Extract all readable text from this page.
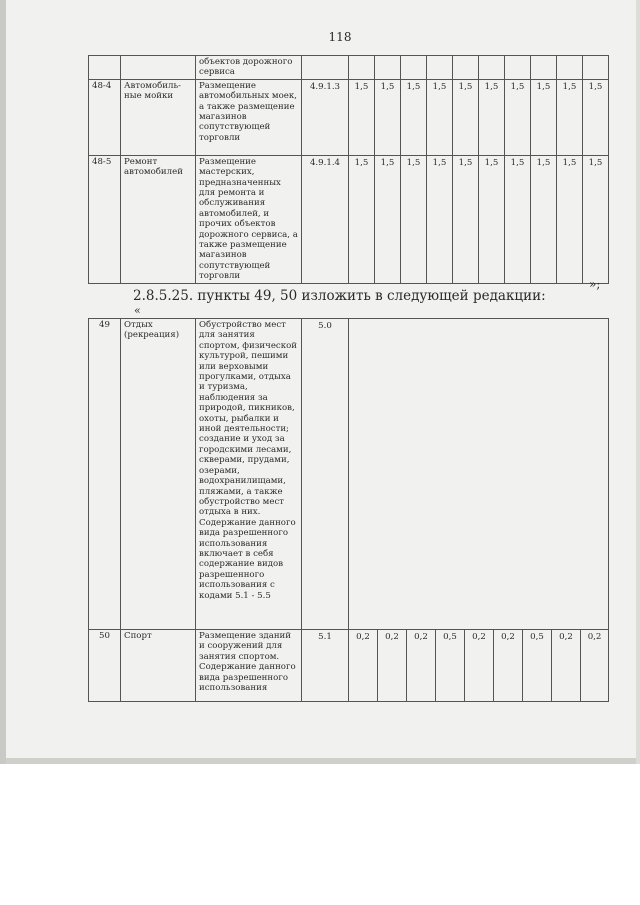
118
		объектов дорожного сервиса											
48-4	Автомобиль-ные мойки	Размещение автомобильных моек, а также размещение магазинов сопутствующей торговли	4.9.1.3	1,5	1,5	1,5	1,5	1,5	1,5	1,5	1,5	1,5	1,5
48-5	Ремонт автомобилей	Размещение мастерских, предназначенных для ремонта и обслуживания автомобилей, и прочих объектов дорожного сервиса, а также размещение магазинов сопутствующей торговли	4.9.1.4	1,5	1,5	1,5	1,5	1,5	1,5	1,5	1,5	1,5	1,5
»;
2.8.5.25. пункты 49, 50 изложить в следующей редакции:
«
49	Отдых (рекреация)	Обустройство мест для занятия спортом, физической культурой, пешими или верховыми прогулками, отдыха и туризма, наблюдения за природой, пикников, охоты, рыбалки и иной деятельности; создание и уход за городскими лесами, скверами, прудами, озерами, водохранилищами, пляжами, а также обустройство мест отдыха в них. Содержание данного вида разрешенного использования включает в себя содержание видов разрешенного использования с кодами 5.1 - 5.5	5.0									
50	Спорт	Размещение зданий и сооружений для занятия спортом. Содержание данного вида разрешенного использования	5.1	0,2	0,2	0,2	0,5	0,2	0,2	0,5	0,2	0,2
